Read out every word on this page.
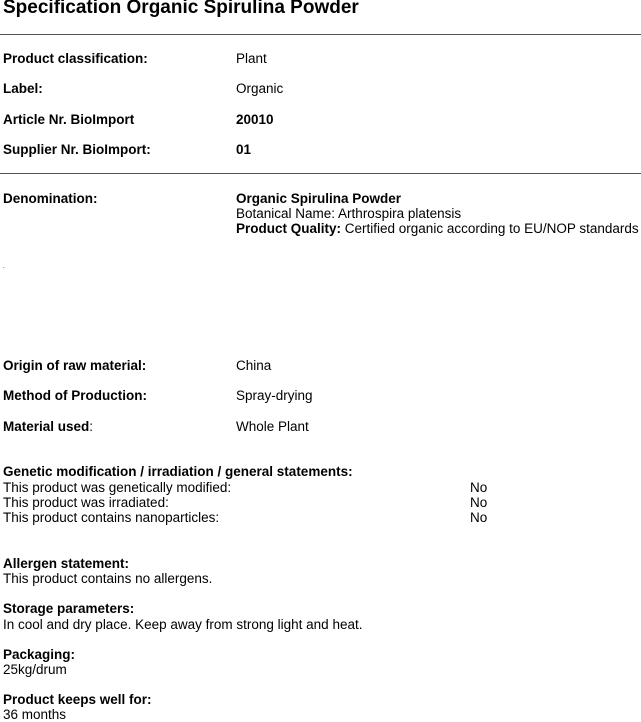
Specification Organic Spirulina Powder
Product classification:	Plant
Label:	Organic
Article Nr. BioImport	20010
Supplier Nr. BioImport:	01
Denomination:	Organic Spirulina Powder
Botanical Name: Arthrospira platensis
Product Quality: Certified organic according to EU/NOP standards
.
Origin of raw material:	China
Method of Production:	Spray-drying
Material used:	Whole Plant
Genetic modification / irradiation / general statements:
This product was genetically modified:	No
This product was irradiated:	No
This product contains nanoparticles:	No
Allergen statement:
This product contains no allergens.
Storage parameters:
In cool and dry place. Keep away from strong light and heat.
Packaging:
25kg/drum
Product keeps well for:
36 months
